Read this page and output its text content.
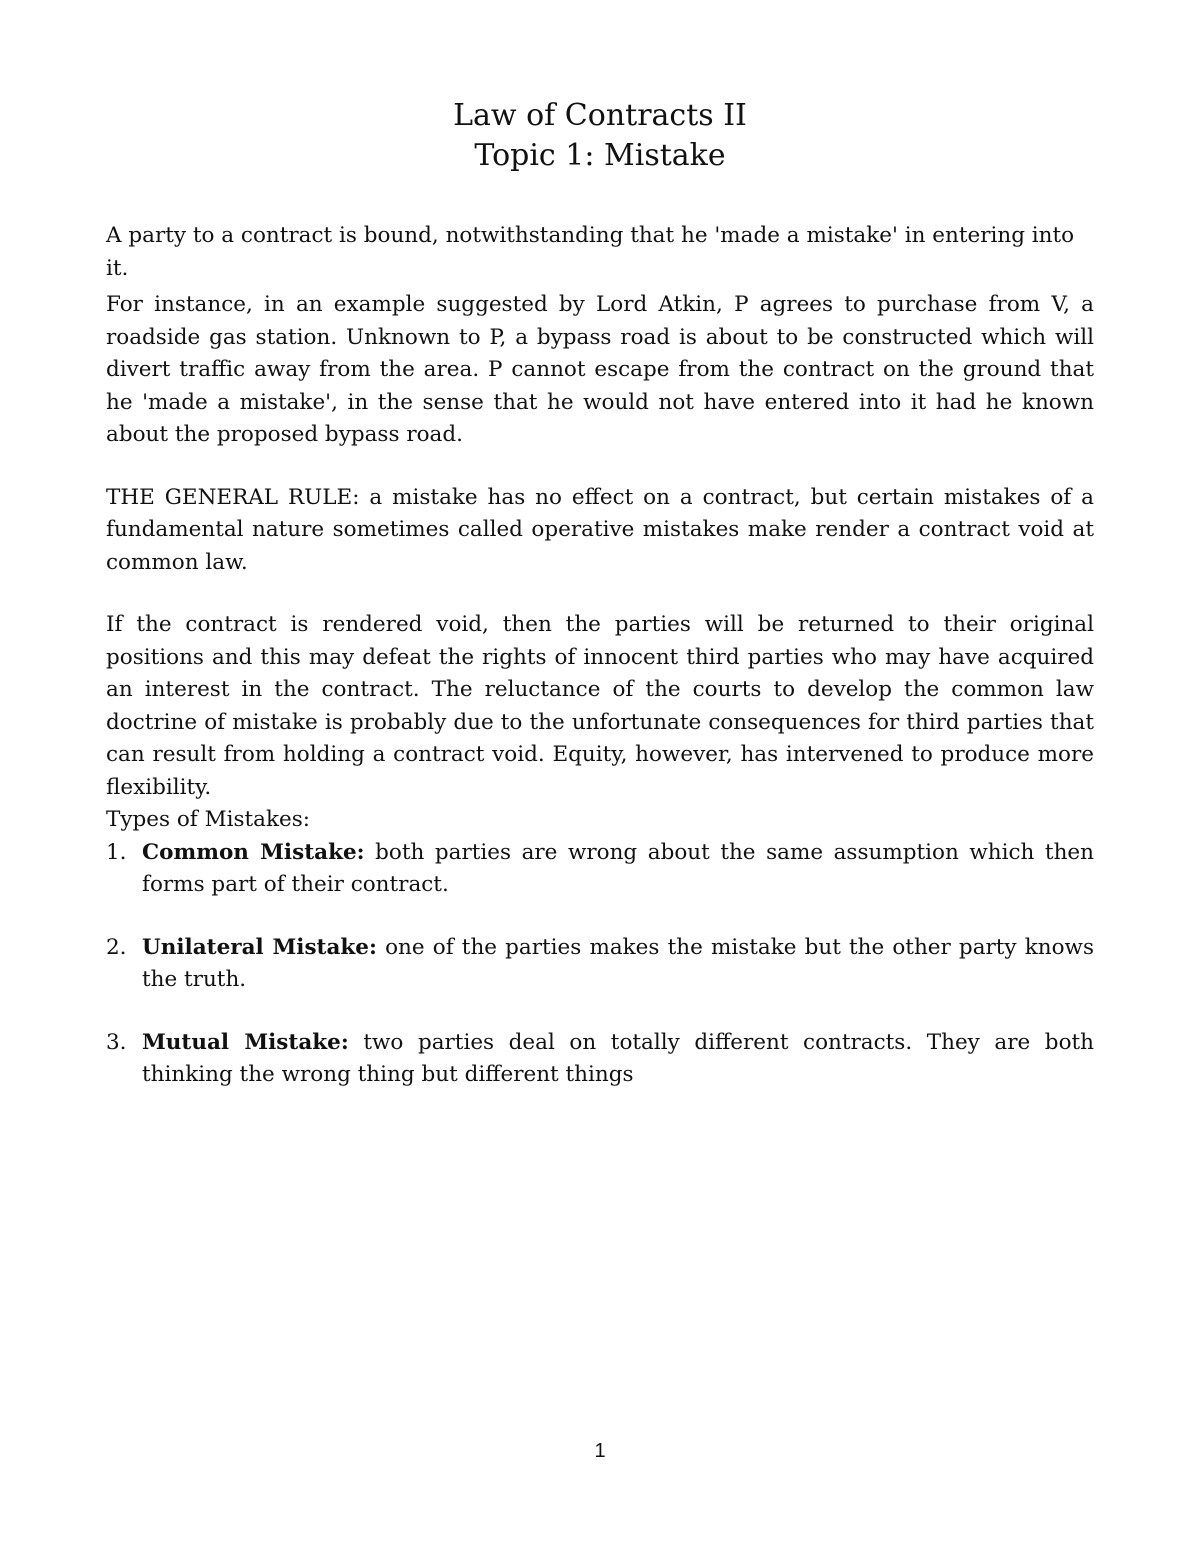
Law of Contracts II
Topic 1: Mistake

A party to a contract is bound, notwithstanding that he 'made a mistake' in entering into it.

For instance, in an example suggested by Lord Atkin, P agrees to purchase from V, a roadside gas station. Unknown to P, a bypass road is about to be constructed which will divert traffic away from the area. P cannot escape from the contract on the ground that he 'made a mistake', in the sense that he would not have entered into it had he known about the proposed bypass road.

THE GENERAL RULE: a mistake has no effect on a contract, but certain mistakes of a fundamental nature sometimes called operative mistakes make render a contract void at common law.

If the contract is rendered void, then the parties will be returned to their original positions and this may defeat the rights of innocent third parties who may have acquired an interest in the contract. The reluctance of the courts to develop the common law doctrine of mistake is probably due to the unfortunate consequences for third parties that can result from holding a contract void. Equity, however, has intervened to produce more flexibility.

Types of Mistakes:

1. Common Mistake: both parties are wrong about the same assumption which then forms part of their contract.
2. Unilateral Mistake: one of the parties makes the mistake but the other party knows the truth.
3. Mutual Mistake: two parties deal on totally different contracts. They are both thinking the wrong thing but different things
1
